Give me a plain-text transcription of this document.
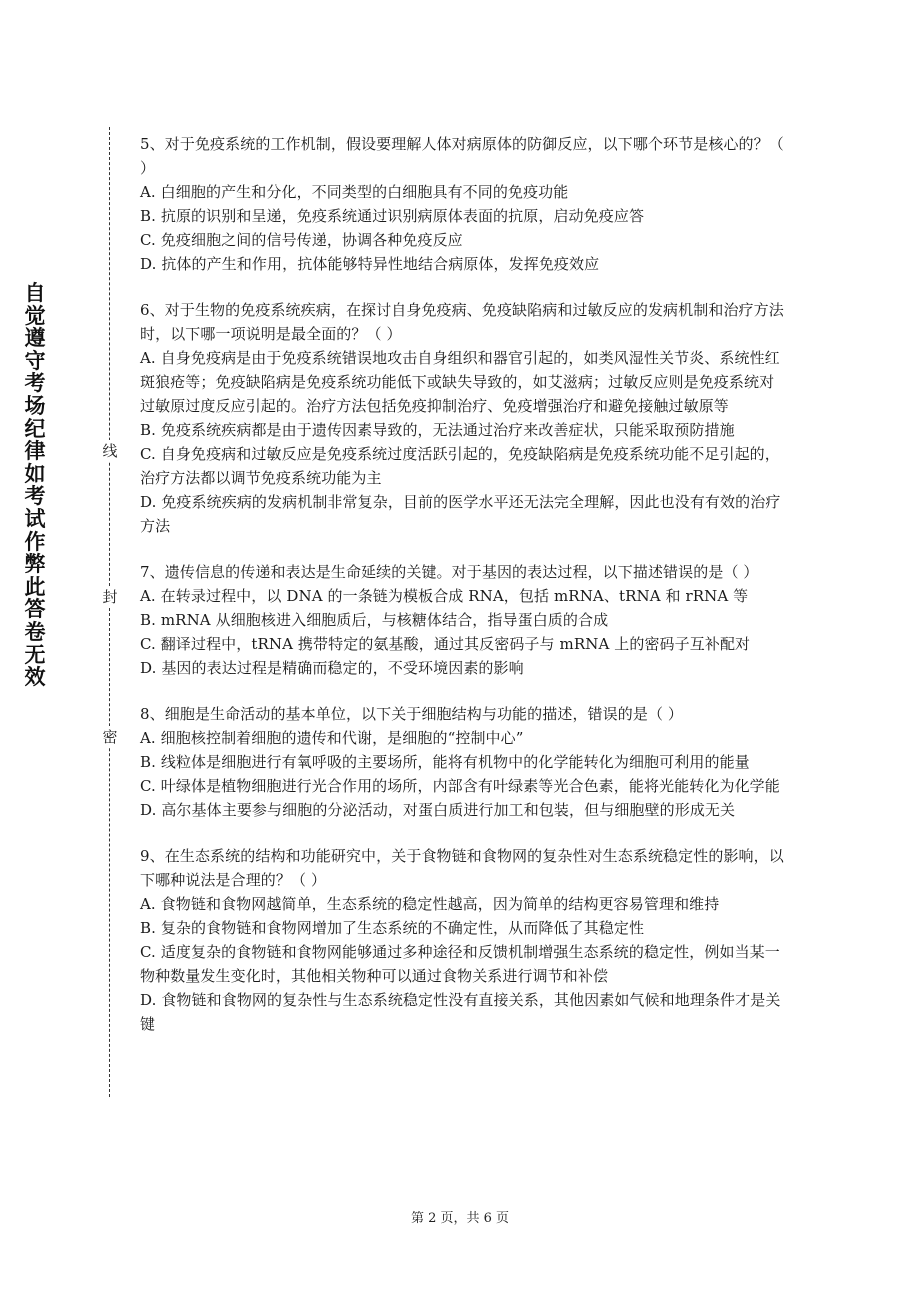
自觉遵守考场纪律如考试作弊此答卷无效
线
封
密

5、对于免疫系统的工作机制，假设要理解人体对病原体的防御反应，以下哪个环节是核心的？（ ）

A. 白细胞的产生和分化，不同类型的白细胞具有不同的免疫功能

B. 抗原的识别和呈递，免疫系统通过识别病原体表面的抗原，启动免疫应答

C. 免疫细胞之间的信号传递，协调各种免疫反应

D. 抗体的产生和作用，抗体能够特异性地结合病原体，发挥免疫效应

6、对于生物的免疫系统疾病，在探讨自身免疫病、免疫缺陷病和过敏反应的发病机制和治疗方法时，以下哪一项说明是最全面的？（ ）

A. 自身免疫病是由于免疫系统错误地攻击自身组织和器官引起的，如类风湿性关节炎、系统性红斑狼疮等；免疫缺陷病是免疫系统功能低下或缺失导致的，如艾滋病；过敏反应则是免疫系统对过敏原过度反应引起的。治疗方法包括免疫抑制治疗、免疫增强治疗和避免接触过敏原等

B. 免疫系统疾病都是由于遗传因素导致的，无法通过治疗来改善症状，只能采取预防措施

C. 自身免疫病和过敏反应是免疫系统过度活跃引起的，免疫缺陷病是免疫系统功能不足引起的，治疗方法都以调节免疫系统功能为主

D. 免疫系统疾病的发病机制非常复杂，目前的医学水平还无法完全理解，因此也没有有效的治疗方法

7、遗传信息的传递和表达是生命延续的关键。对于基因的表达过程，以下描述错误的是（ ）

A. 在转录过程中，以 DNA 的一条链为模板合成 RNA，包括 mRNA、tRNA 和 rRNA 等

B. mRNA 从细胞核进入细胞质后，与核糖体结合，指导蛋白质的合成

C. 翻译过程中，tRNA 携带特定的氨基酸，通过其反密码子与 mRNA 上的密码子互补配对

D. 基因的表达过程是精确而稳定的，不受环境因素的影响

8、细胞是生命活动的基本单位，以下关于细胞结构与功能的描述，错误的是（ ）

A. 细胞核控制着细胞的遗传和代谢，是细胞的“控制中心”

B. 线粒体是细胞进行有氧呼吸的主要场所，能将有机物中的化学能转化为细胞可利用的能量

C. 叶绿体是植物细胞进行光合作用的场所，内部含有叶绿素等光合色素，能将光能转化为化学能

D. 高尔基体主要参与细胞的分泌活动，对蛋白质进行加工和包装，但与细胞壁的形成无关

9、在生态系统的结构和功能研究中，关于食物链和食物网的复杂性对生态系统稳定性的影响，以下哪种说法是合理的？（ ）

A. 食物链和食物网越简单，生态系统的稳定性越高，因为简单的结构更容易管理和维持

B. 复杂的食物链和食物网增加了生态系统的不确定性，从而降低了其稳定性

C. 适度复杂的食物链和食物网能够通过多种途径和反馈机制增强生态系统的稳定性，例如当某一物种数量发生变化时，其他相关物种可以通过食物关系进行调节和补偿

D. 食物链和食物网的复杂性与生态系统稳定性没有直接关系，其他因素如气候和地理条件才是关键

第 2 页，共 6 页
